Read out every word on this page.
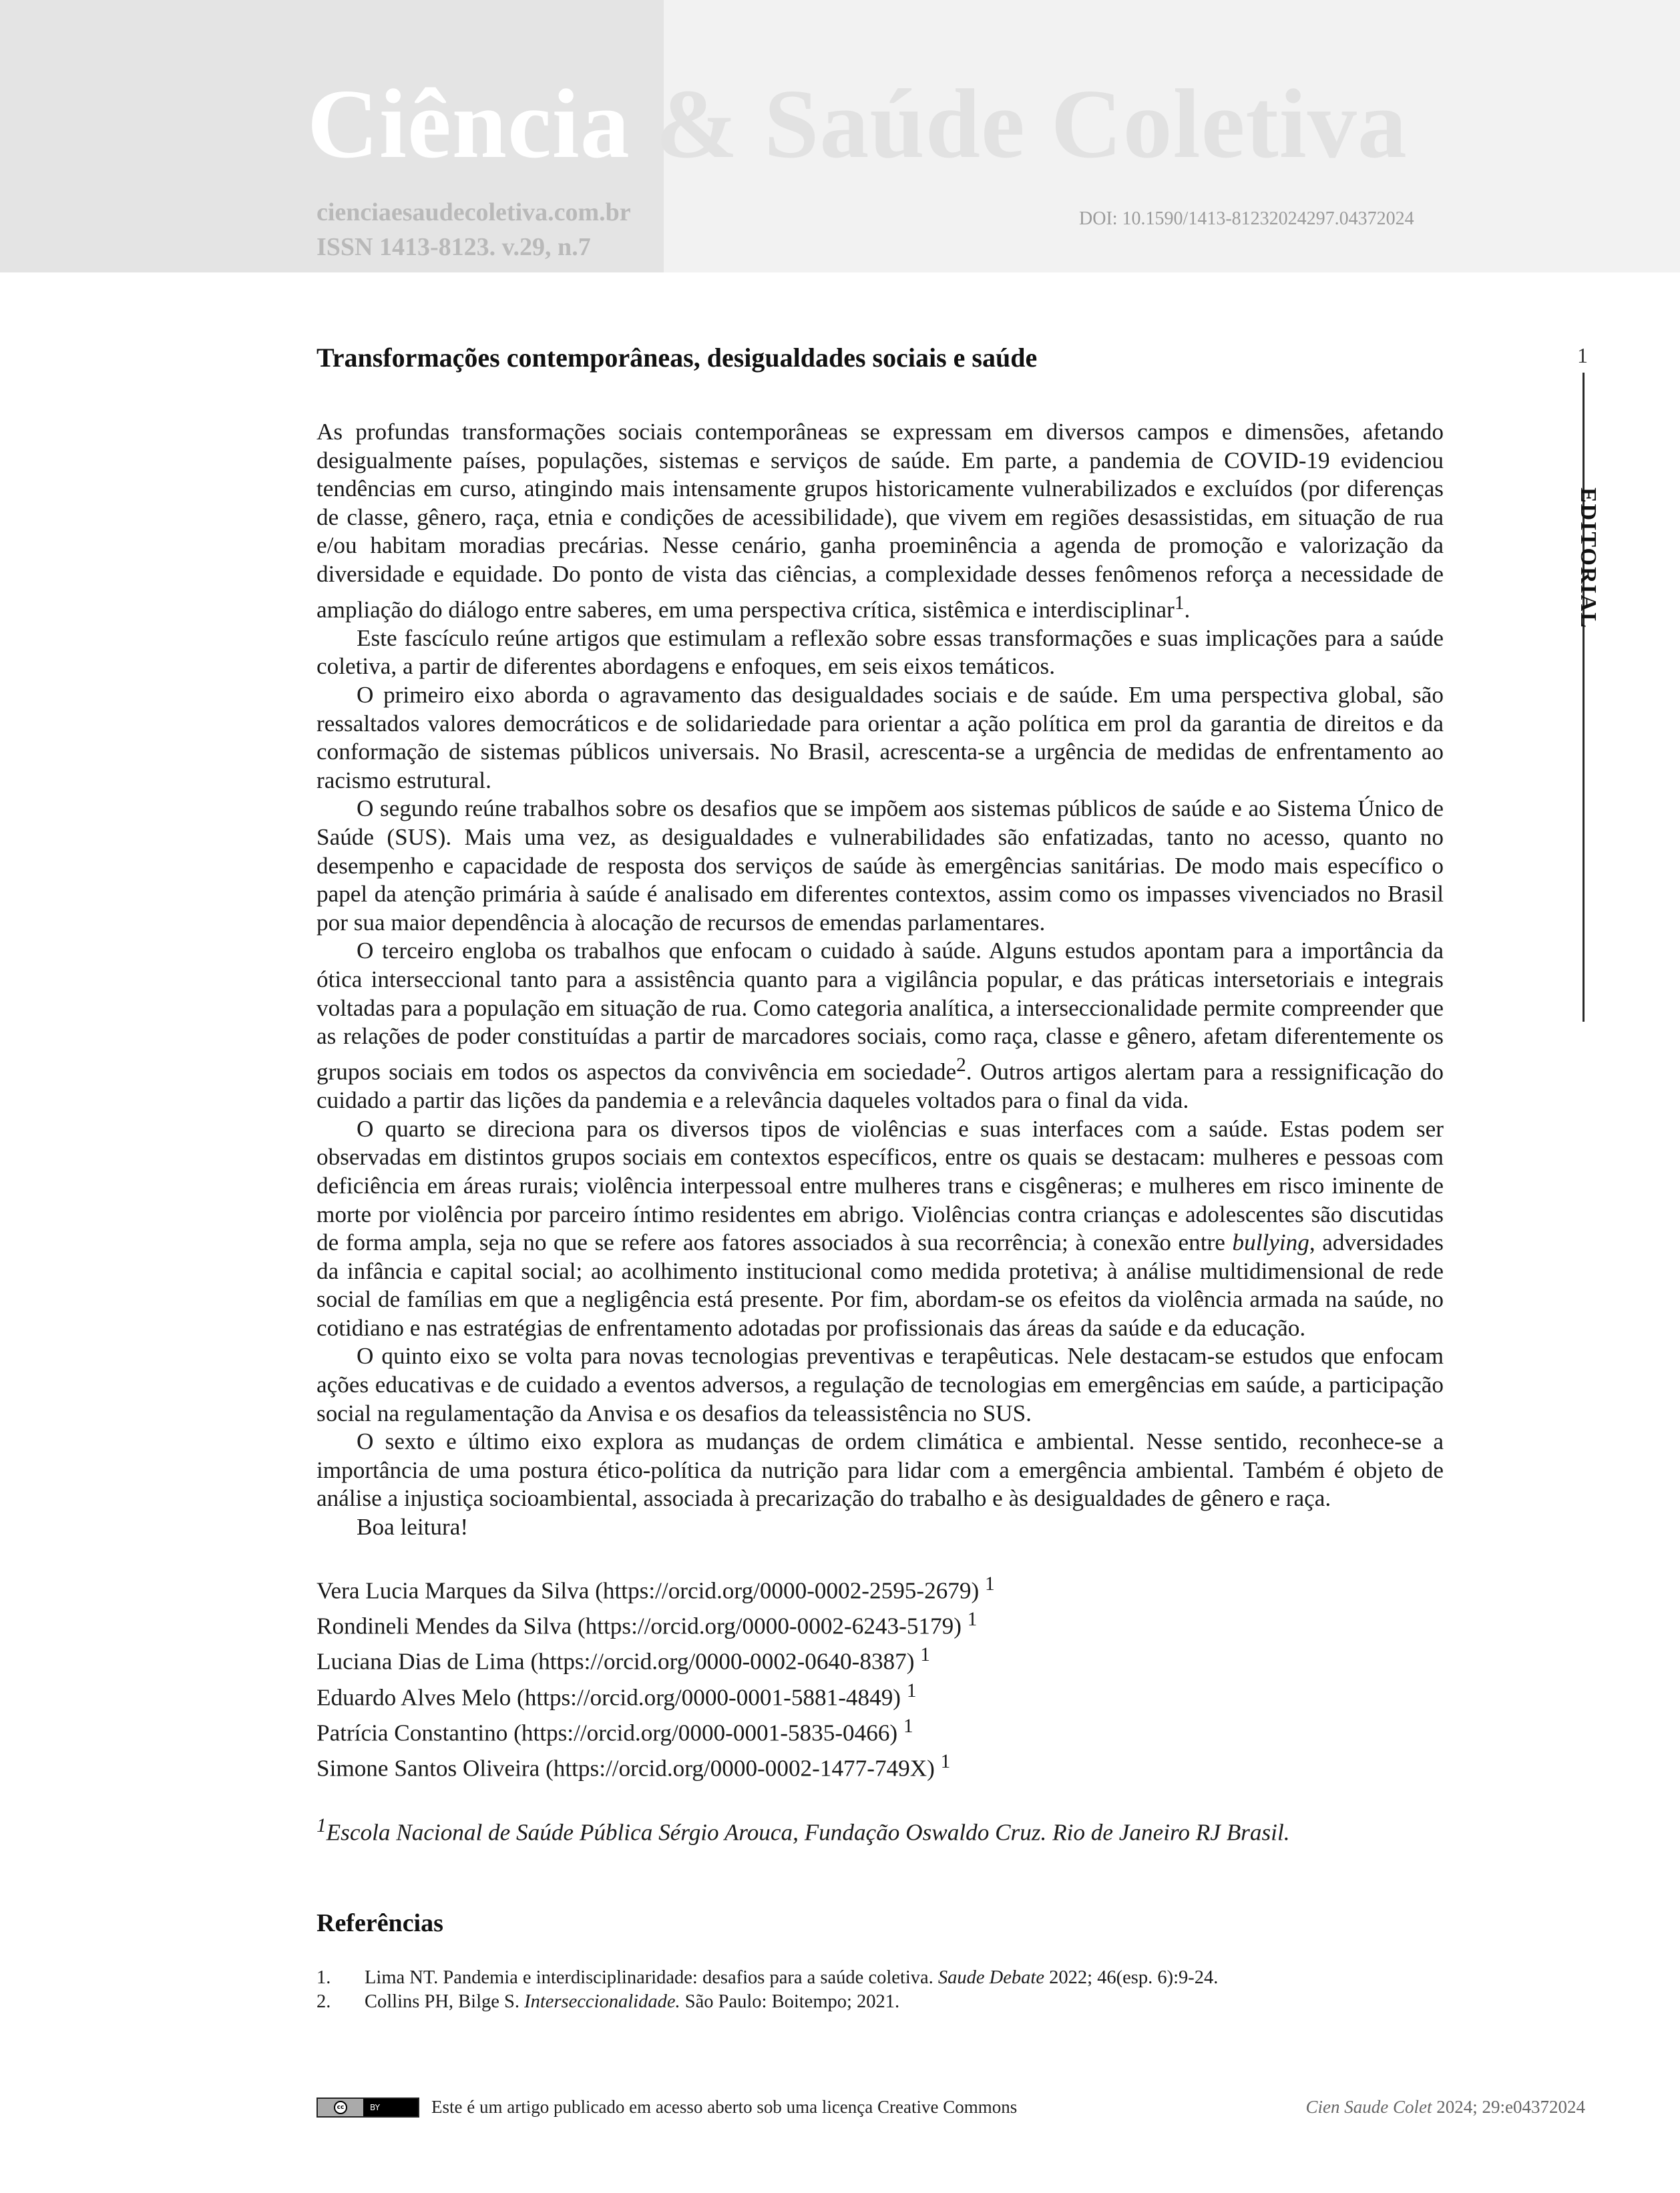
Ciência & Saúde Coletiva
cienciaesaudecoletiva.com.br
ISSN 1413-8123. v.29, n.7
DOI: 10.1590/1413-81232024297.04372024
1
EDITORIAL
Transformações contemporâneas, desigualdades sociais e saúde

As profundas transformações sociais contemporâneas se expressam em diversos campos e dimensões, afetando desigualmente países, populações, sistemas e serviços de saúde. Em parte, a pandemia de COVID-19 evidenciou tendências em curso, atingindo mais intensamente grupos historicamente vulnerabilizados e excluídos (por diferenças de classe, gênero, raça, etnia e condições de acessibilidade), que vivem em regiões desassistidas, em situação de rua e/ou habitam moradias precárias. Nesse cenário, ganha proeminência a agenda de promoção e valorização da diversidade e equidade. Do ponto de vista das ciências, a complexidade desses fenômenos reforça a necessidade de ampliação do diálogo entre saberes, em uma perspectiva crítica, sistêmica e interdisciplinar$^1$.

Este fascículo reúne artigos que estimulam a reflexão sobre essas transformações e suas implicações para a saúde coletiva, a partir de diferentes abordagens e enfoques, em seis eixos temáticos.

O primeiro eixo aborda o agravamento das desigualdades sociais e de saúde. Em uma perspectiva global, são ressaltados valores democráticos e de solidariedade para orientar a ação política em prol da garantia de direitos e da conformação de sistemas públicos universais. No Brasil, acrescenta-se a urgência de medidas de enfrentamento ao racismo estrutural.

O segundo reúne trabalhos sobre os desafios que se impõem aos sistemas públicos de saúde e ao Sistema Único de Saúde (SUS). Mais uma vez, as desigualdades e vulnerabilidades são enfatizadas, tanto no acesso, quanto no desempenho e capacidade de resposta dos serviços de saúde às emergências sanitárias. De modo mais específico o papel da atenção primária à saúde é analisado em diferentes contextos, assim como os impasses vivenciados no Brasil por sua maior dependência à alocação de recursos de emendas parlamentares.

O terceiro engloba os trabalhos que enfocam o cuidado à saúde. Alguns estudos apontam para a importância da ótica interseccional tanto para a assistência quanto para a vigilância popular, e das práticas intersetoriais e integrais voltadas para a população em situação de rua. Como categoria analítica, a interseccionalidade permite compreender que as relações de poder constituídas a partir de marcadores sociais, como raça, classe e gênero, afetam diferentemente os grupos sociais em todos os aspectos da convivência em sociedade$^2$. Outros artigos alertam para a ressignificação do cuidado a partir das lições da pandemia e a relevância daqueles voltados para o final da vida.

O quarto se direciona para os diversos tipos de violências e suas interfaces com a saúde. Estas podem ser observadas em distintos grupos sociais em contextos específicos, entre os quais se destacam: mulheres e pessoas com deficiência em áreas rurais; violência interpessoal entre mulheres trans e cisgêneras; e mulheres em risco iminente de morte por violência por parceiro íntimo residentes em abrigo. Violências contra crianças e adolescentes são discutidas de forma ampla, seja no que se refere aos fatores associados à sua recorrência; à conexão entre bullying, adversidades da infância e capital social; ao acolhimento institucional como medida protetiva; à análise multidimensional de rede social de famílias em que a negligência está presente. Por fim, abordam-se os efeitos da violência armada na saúde, no cotidiano e nas estratégias de enfrentamento adotadas por profissionais das áreas da saúde e da educação.

O quinto eixo se volta para novas tecnologias preventivas e terapêuticas. Nele destacam-se estudos que enfocam ações educativas e de cuidado a eventos adversos, a regulação de tecnologias em emergências em saúde, a participação social na regulamentação da Anvisa e os desafios da teleassistência no SUS.

O sexto e último eixo explora as mudanças de ordem climática e ambiental. Nesse sentido, reconhece-se a importância de uma postura ético-política da nutrição para lidar com a emergência ambiental. Também é objeto de análise a injustiça socioambiental, associada à precarização do trabalho e às desigualdades de gênero e raça.

Boa leitura!

Vera Lucia Marques da Silva (https://orcid.org/0000-0002-2595-2679) $^1$
Rondineli Mendes da Silva (https://orcid.org/0000-0002-6243-5179) $^1$
Luciana Dias de Lima (https://orcid.org/0000-0002-0640-8387) $^1$
Eduardo Alves Melo (https://orcid.org/0000-0001-5881-4849) $^1$
Patrícia Constantino (https://orcid.org/0000-0001-5835-0466) $^1$
Simone Santos Oliveira (https://orcid.org/0000-0002-1477-749X) $^1$
$^1$Escola Nacional de Saúde Pública Sérgio Arouca, Fundação Oswaldo Cruz. Rio de Janeiro RJ Brasil.
Referências
1.	Lima NT. Pandemia e interdisciplinaridade: desafios para a saúde coletiva. Saude Debate 2022; 46(esp. 6):9-24.
2.	Collins PH, Bilge S. Interseccionalidade. São Paulo: Boitempo; 2021.
cc	BY	Este é um artigo publicado em acesso aberto sob uma licença Creative Commons	Cien Saude Colet 2024; 29:e04372024
